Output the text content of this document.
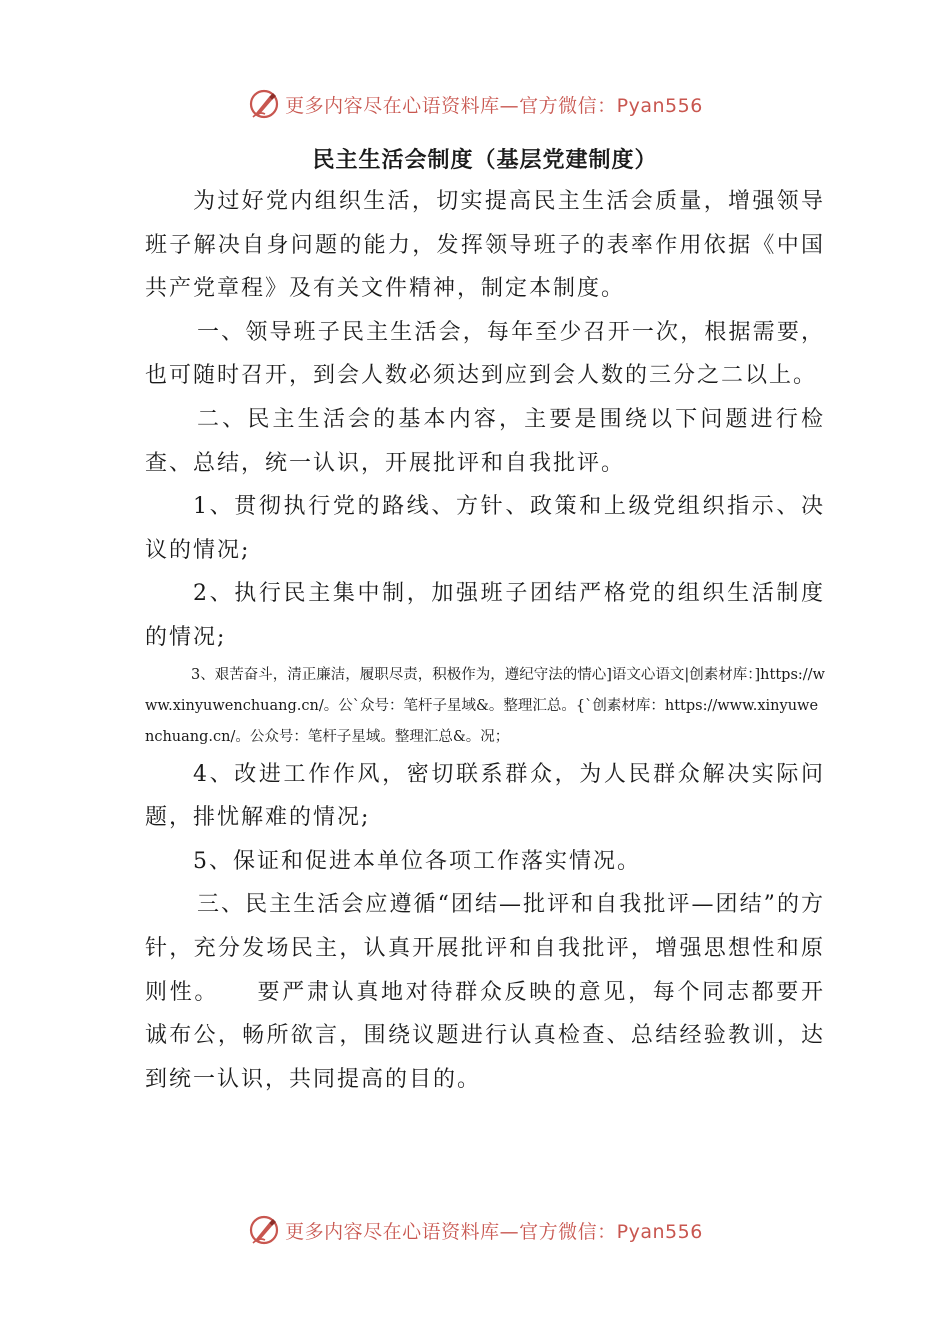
更多内容尽在心语资料库—官方微信：Pyan556
民主生活会制度（基层党建制度）

为过好党内组织生活，切实提高民主生活会质量，增强领导班子解决自身问题的能力，发挥领导班子的表率作用依据《中国共产党章程》及有关文件精神，制定本制度。

一、领导班子民主生活会，每年至少召开一次，根据需要，也可随时召开，到会人数必须达到应到会人数的三分之二以上。

二、民主生活会的基本内容，主要是围绕以下问题进行检查、总结，统一认识，开展批评和自我批评。

1、贯彻执行党的路线、方针、政策和上级党组织指示、决议的情况;

2、执行民主集中制，加强班子团结严格党的组织生活制度的情况;

3、艰苦奋斗，清正廉洁，履职尽责，积极作为，遵纪守法的情心]语文心语文|创素材库：]https://www.xinyuwenchuang.cn/。公`众号：笔杆子星域&。整理汇总。{`创素材库：https://www.xinyuwenchuang.cn/。公众号：笔杆子星域。整理汇总&。况；

4、改进工作作风，密切联系群众，为人民群众解决实际问题，排忧解难的情况;

5、保证和促进本单位各项工作落实情况。

三、民主生活会应遵循“团结—批评和自我批评—团结”的方针，充分发场民主，认真开展批评和自我批评，增强思想性和原则性。　　要严肃认真地对待群众反映的意见，每个同志都要开诚布公，畅所欲言，围绕议题进行认真检查、总结经验教训，达到统一认识，共同提高的目的。

更多内容尽在心语资料库—官方微信：Pyan556
